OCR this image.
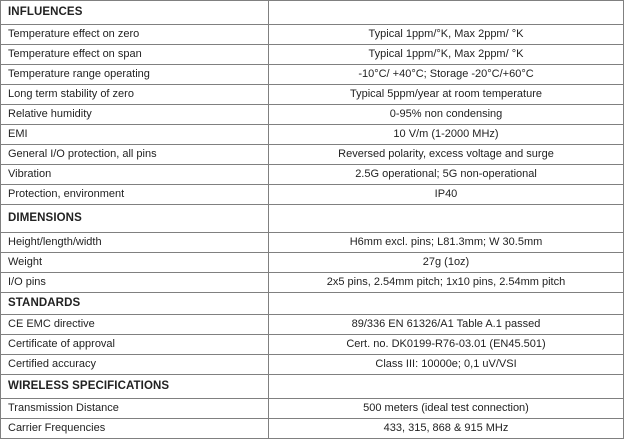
INFLUENCES	
Temperature effect on zero	Typical 1ppm/°K, Max 2ppm/ °K
Temperature effect on span	Typical 1ppm/°K, Max 2ppm/ °K
Temperature range operating	-10°C/ +40°C; Storage -20°C/+60°C
Long term stability of zero	Typical 5ppm/year at room temperature
Relative humidity	0-95% non condensing
EMI	10 V/m (1-2000 MHz)
General I/O protection, all pins	Reversed polarity, excess voltage and surge
Vibration	2.5G operational; 5G non-operational
Protection, environment	IP40
DIMENSIONS	
Height/length/width	H6mm excl. pins; L81.3mm; W 30.5mm
Weight	27g (1oz)
I/O pins	2x5 pins, 2.54mm pitch; 1x10 pins, 2.54mm pitch
STANDARDS	
CE EMC directive	89/336 EN 61326/A1 Table A.1 passed
Certificate of approval	Cert. no. DK0199-R76-03.01 (EN45.501)
Certified accuracy	Class III: 10000e; 0,1 uV/VSI
WIRELESS SPECIFICATIONS	
Transmission Distance	500 meters (ideal test connection)
Carrier Frequencies	433, 315, 868 & 915 MHz
